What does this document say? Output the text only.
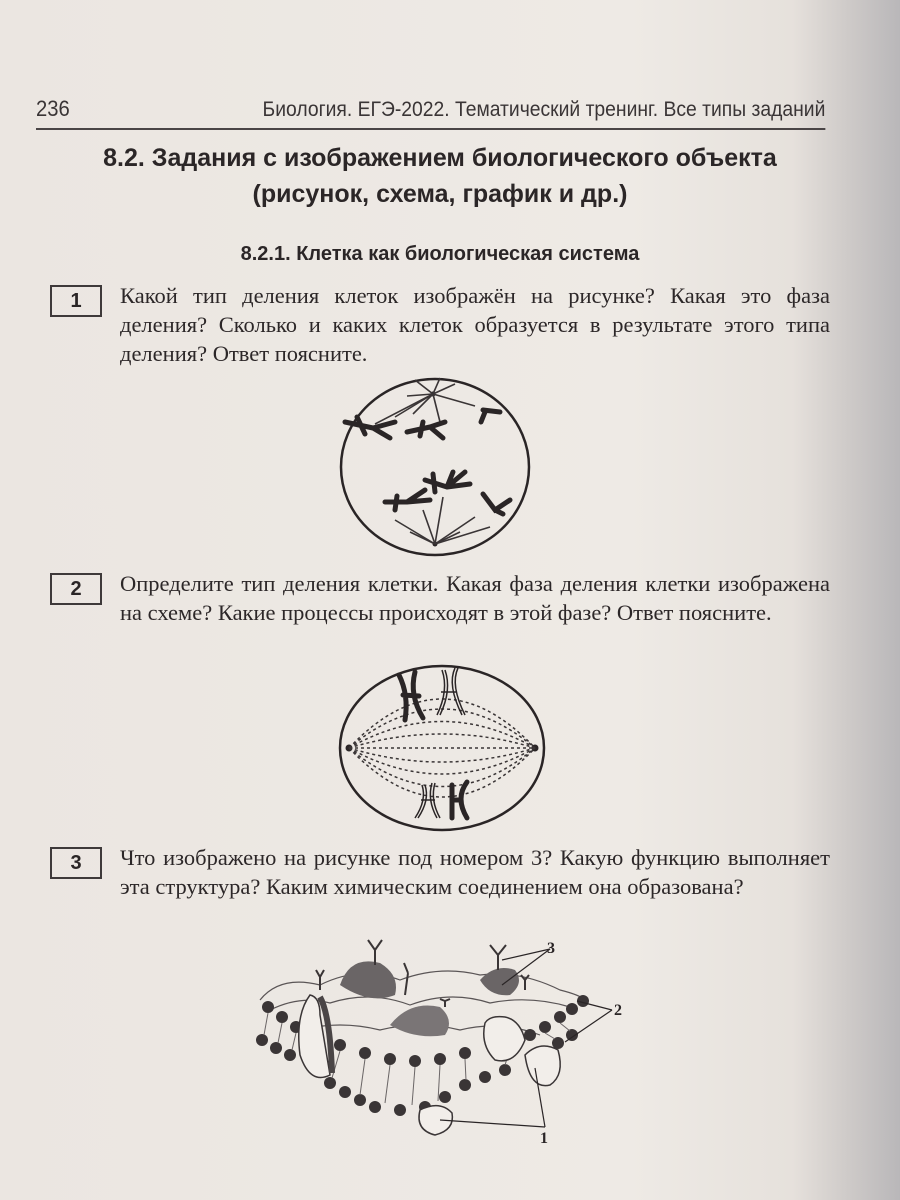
236	Биология. ЕГЭ-2022. Тематический тренинг. Все типы заданий
8.2. Задания с изображением биологического объекта
(рисунок, схема, график и др.)
8.2.1. Клетка как биологическая система
1	Какой тип деления клеток изображён на рисунке? Какая это фаза деления? Сколько и каких клеток образуется в результате этого типа деления? Ответ поясните.
2	Определите тип деления клетки. Какая фаза деления клетки изображена на схеме? Какие процессы происходят в этой фазе? Ответ поясните.
3	Что изображено на рисунке под номером 3? Какую функцию выполняет эта структура? Каким химическим соединением она образована?
3
2
1
